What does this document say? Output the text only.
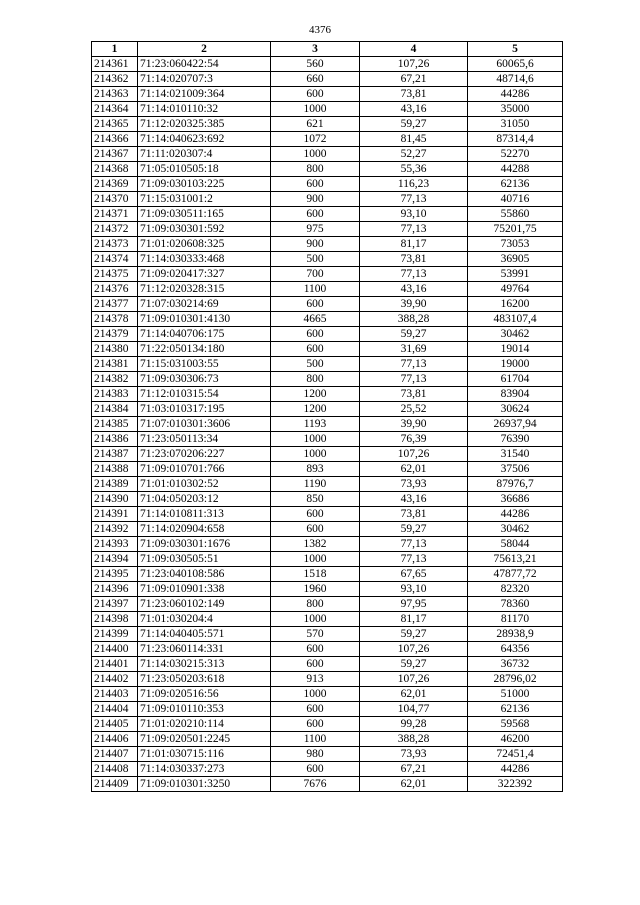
4376
1	2	3	4	5
214361	71:23:060422:54	560	107,26	60065,6
214362	71:14:020707:3	660	67,21	48714,6
214363	71:14:021009:364	600	73,81	44286
214364	71:14:010110:32	1000	43,16	35000
214365	71:12:020325:385	621	59,27	31050
214366	71:14:040623:692	1072	81,45	87314,4
214367	71:11:020307:4	1000	52,27	52270
214368	71:05:010505:18	800	55,36	44288
214369	71:09:030103:225	600	116,23	62136
214370	71:15:031001:2	900	77,13	40716
214371	71:09:030511:165	600	93,10	55860
214372	71:09:030301:592	975	77,13	75201,75
214373	71:01:020608:325	900	81,17	73053
214374	71:14:030333:468	500	73,81	36905
214375	71:09:020417:327	700	77,13	53991
214376	71:12:020328:315	1100	43,16	49764
214377	71:07:030214:69	600	39,90	16200
214378	71:09:010301:4130	4665	388,28	483107,4
214379	71:14:040706:175	600	59,27	30462
214380	71:22:050134:180	600	31,69	19014
214381	71:15:031003:55	500	77,13	19000
214382	71:09:030306:73	800	77,13	61704
214383	71:12:010315:54	1200	73,81	83904
214384	71:03:010317:195	1200	25,52	30624
214385	71:07:010301:3606	1193	39,90	26937,94
214386	71:23:050113:34	1000	76,39	76390
214387	71:23:070206:227	1000	107,26	31540
214388	71:09:010701:766	893	62,01	37506
214389	71:01:010302:52	1190	73,93	87976,7
214390	71:04:050203:12	850	43,16	36686
214391	71:14:010811:313	600	73,81	44286
214392	71:14:020904:658	600	59,27	30462
214393	71:09:030301:1676	1382	77,13	58044
214394	71:09:030505:51	1000	77,13	75613,21
214395	71:23:040108:586	1518	67,65	47877,72
214396	71:09:010901:338	1960	93,10	82320
214397	71:23:060102:149	800	97,95	78360
214398	71:01:030204:4	1000	81,17	81170
214399	71:14:040405:571	570	59,27	28938,9
214400	71:23:060114:331	600	107,26	64356
214401	71:14:030215:313	600	59,27	36732
214402	71:23:050203:618	913	107,26	28796,02
214403	71:09:020516:56	1000	62,01	51000
214404	71:09:010110:353	600	104,77	62136
214405	71:01:020210:114	600	99,28	59568
214406	71:09:020501:2245	1100	388,28	46200
214407	71:01:030715:116	980	73,93	72451,4
214408	71:14:030337:273	600	67,21	44286
214409	71:09:010301:3250	7676	62,01	322392
